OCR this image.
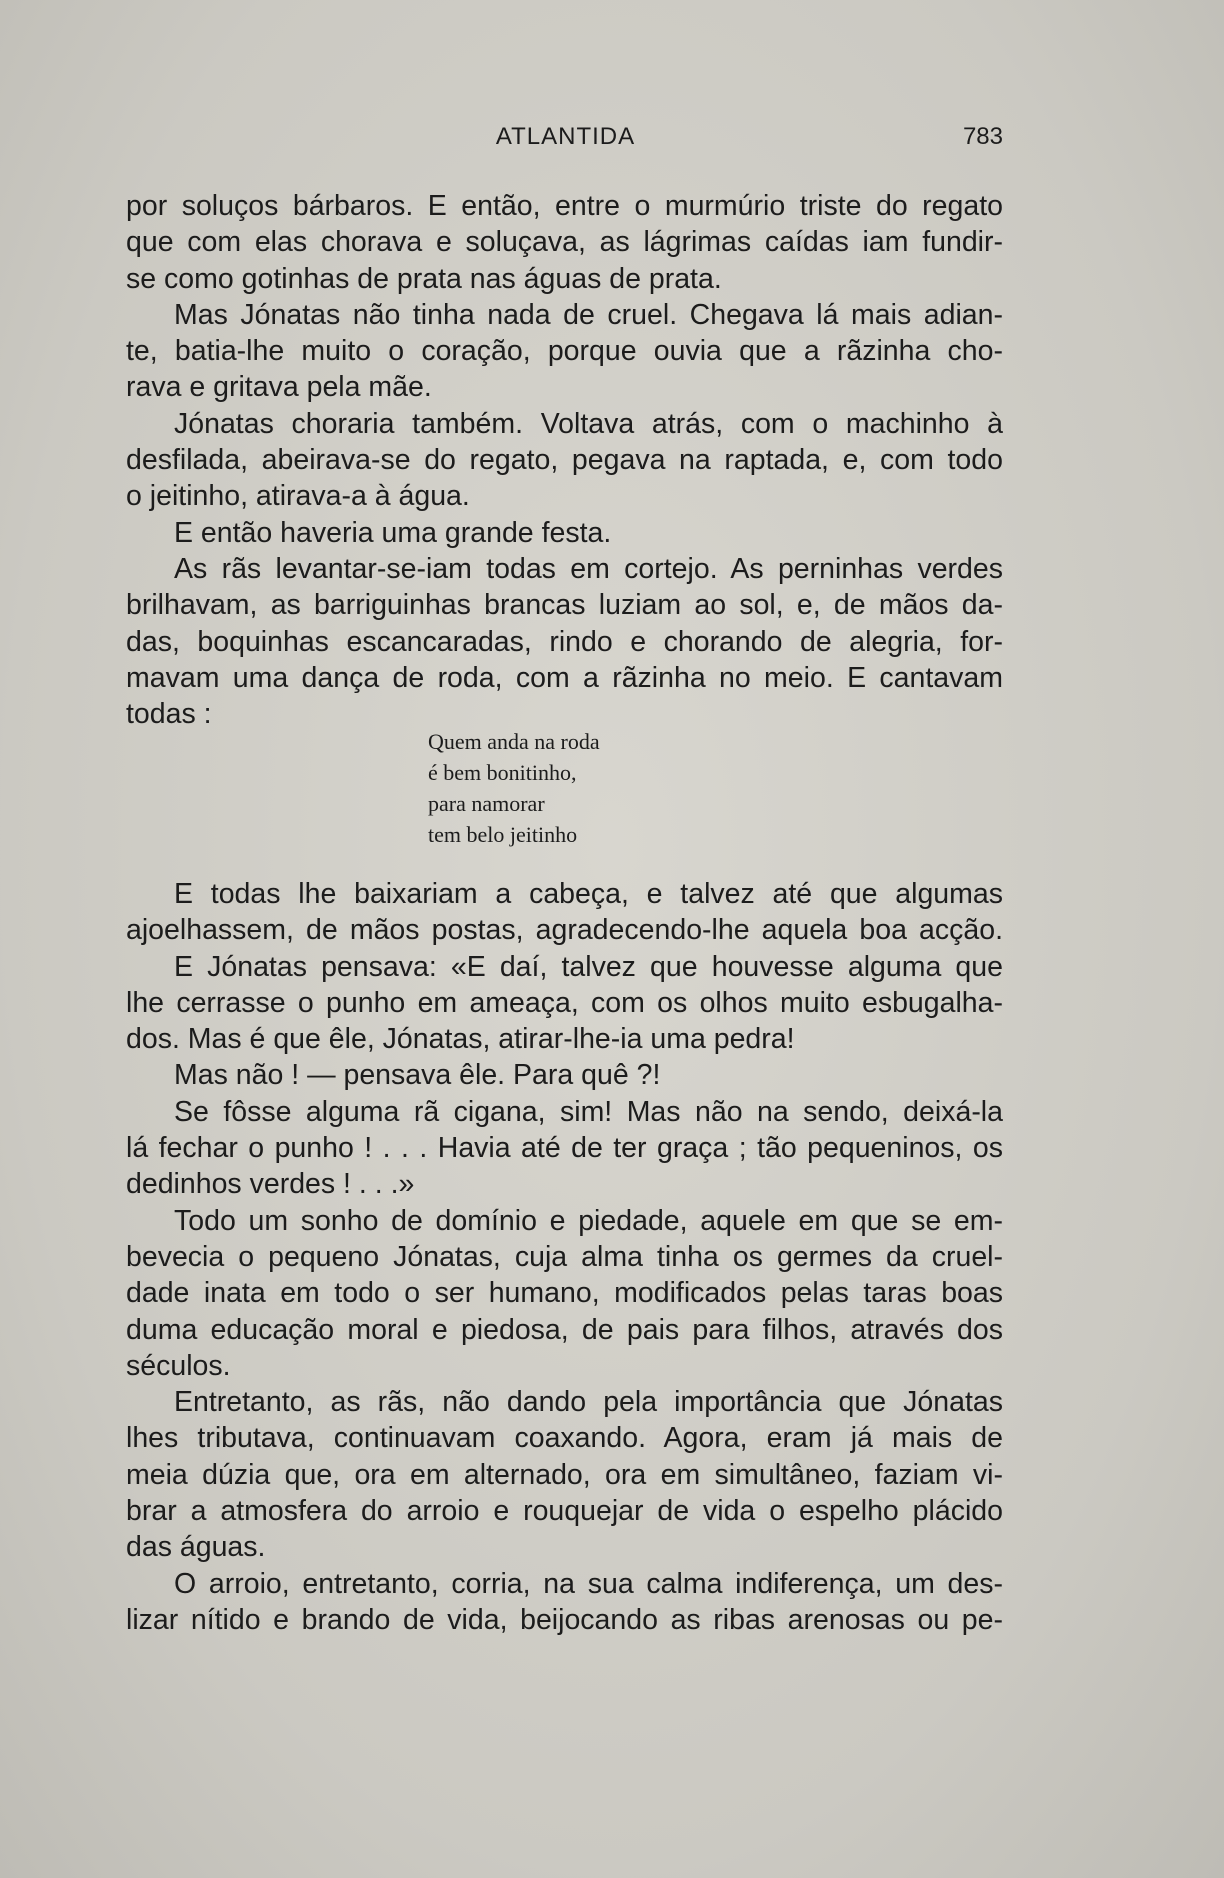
ATLANTIDA	783
por soluços bárbaros. E então, entre o murmúrio triste do regato
que com elas chorava e soluçava, as lágrimas caídas iam fundir-
se como gotinhas de prata nas águas de prata.
Mas Jónatas não tinha nada de cruel. Chegava lá mais adian-
te, batia-lhe muito o coração, porque ouvia que a rãzinha cho-
rava e gritava pela mãe.
Jónatas choraria também. Voltava atrás, com o machinho à
desfilada, abeirava-se do regato, pegava na raptada, e, com todo
o jeitinho, atirava-a à água.
E então haveria uma grande festa.
As rãs levantar-se-iam todas em cortejo. As perninhas verdes
brilhavam, as barriguinhas brancas luziam ao sol, e, de mãos da-
das, boquinhas escancaradas, rindo e chorando de alegria, for-
mavam uma dança de roda, com a rãzinha no meio. E cantavam
todas :
Quem anda na roda
é bem bonitinho,
para namorar
tem belo jeitinho
E todas lhe baixariam a cabeça, e talvez até que algumas
ajoelhassem, de mãos postas, agradecendo-lhe aquela boa acção.
E Jónatas pensava: «E daí, talvez que houvesse alguma que
lhe cerrasse o punho em ameaça, com os olhos muito esbugalha-
dos. Mas é que êle, Jónatas, atirar-lhe-ia uma pedra!
Mas não ! — pensava êle. Para quê ?!
Se fôsse alguma rã cigana, sim! Mas não na sendo, deixá-la
lá fechar o punho ! . . . Havia até de ter graça ; tão pequeninos, os
dedinhos verdes ! . . .»
Todo um sonho de domínio e piedade, aquele em que se em-
bevecia o pequeno Jónatas, cuja alma tinha os germes da cruel-
dade inata em todo o ser humano, modificados pelas taras boas
duma educação moral e piedosa, de pais para filhos, através dos
séculos.
Entretanto, as rãs, não dando pela importância que Jónatas
lhes tributava, continuavam coaxando. Agora, eram já mais de
meia dúzia que, ora em alternado, ora em simultâneo, faziam vi-
brar a atmosfera do arroio e rouquejar de vida o espelho plácido
das águas.
O arroio, entretanto, corria, na sua calma indiferença, um des-
lizar nítido e brando de vida, beijocando as ribas arenosas ou pe-
